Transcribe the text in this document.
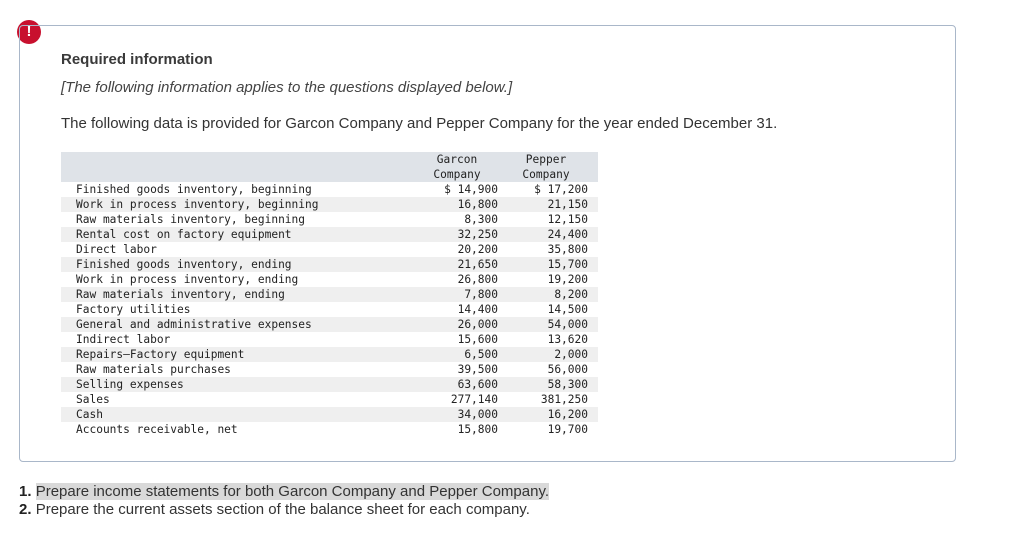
!
Required information
[The following information applies to the questions displayed below.]
The following data is provided for Garcon Company and Pepper Company for the year ended December 31.
	Garcon	Pepper
	Company	Company
Finished goods inventory, beginning	$ 14,900	$ 17,200
Work in process inventory, beginning	16,800	21,150
Raw materials inventory, beginning	8,300	12,150
Rental cost on factory equipment	32,250	24,400
Direct labor	20,200	35,800
Finished goods inventory, ending	21,650	15,700
Work in process inventory, ending	26,800	19,200
Raw materials inventory, ending	7,800	8,200
Factory utilities	14,400	14,500
General and administrative expenses	26,000	54,000
Indirect labor	15,600	13,620
Repairs—Factory equipment	6,500	2,000
Raw materials purchases	39,500	56,000
Selling expenses	63,600	58,300
Sales	277,140	381,250
Cash	34,000	16,200
Accounts receivable, net	15,800	19,700
1. Prepare income statements for both Garcon Company and Pepper Company.
2. Prepare the current assets section of the balance sheet for each company.
